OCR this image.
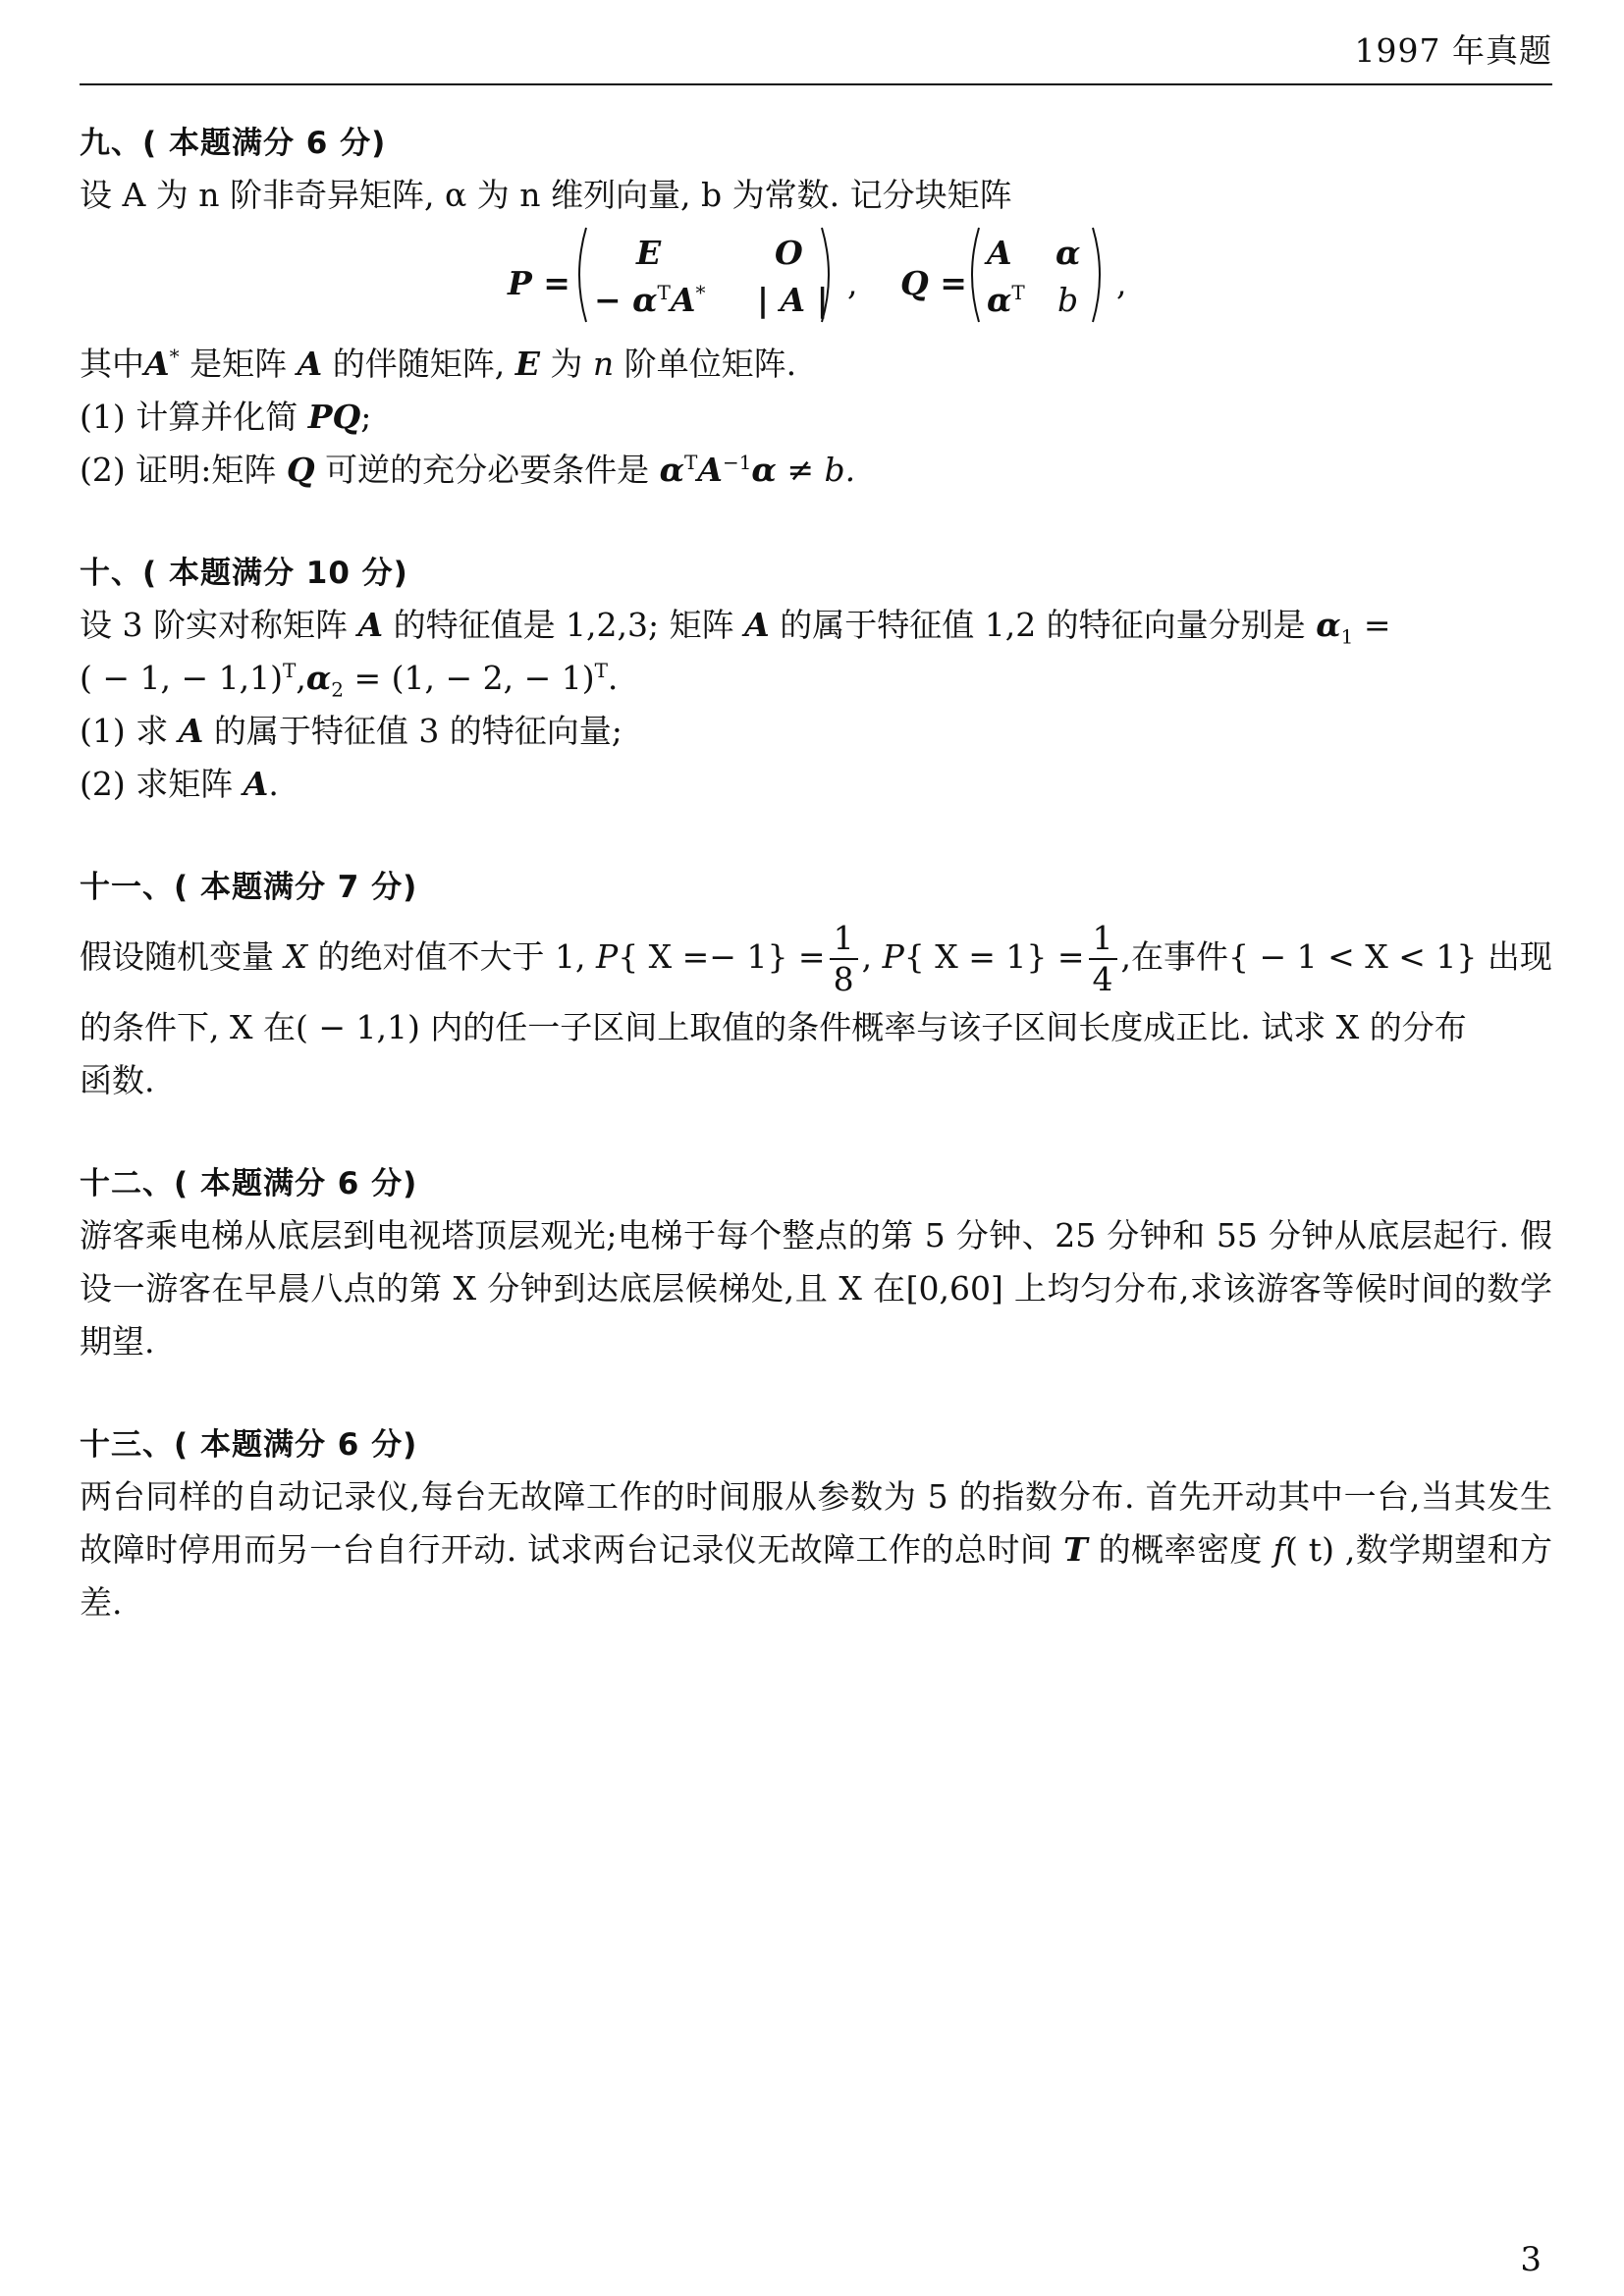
1997 年真题
九、( 本题满分 6 分)
设 A 为 n 阶非奇异矩阵, α 为 n 维列向量, b 为常数. 记分块矩阵
P =
E	O
− $\alpha^TA^*$ | A | , Q =
A α
$\alpha^T$ b ,
其中A* 是矩阵 A 的伴随矩阵, E 为 n 阶单位矩阵.
(1) 计算并化简 PQ;
(2) 证明:矩阵 Q 可逆的充分必要条件是 $\alpha^TA^{-1}\alpha \ne b$.
十、( 本题满分 10 分)
设 3 阶实对称矩阵 A 的特征值是 1,2,3; 矩阵 A 的属于特征值 1,2 的特征向量分别是 $\alpha_1$ =
( − 1, − $1,1)^T,\alpha_2 = (1$, − 2, − 1)$^T$.
(1) 求 A 的属于特征值 3 的特征向量;
(2) 求矩阵 A.
十一、( 本题满分 7 分)
假设随机变量 X 的绝对值不大于 1, P{ $X =- 1\} = \frac{1}{8}$ , P{ $X = 1\} = \frac{1}{4}$ ,在事件{ − 1 < X < 1} 出现
的条件下, X 在( − 1,1) 内的任一子区间上取值的条件概率与该子区间长度成正比. 试求 X 的分布
函数.
十二、( 本题满分 6 分)
游客乘电梯从底层到电视塔顶层观光;电梯于每个整点的第 5 分钟、25 分钟和 55 分钟从底层起行. 假设一游客在早晨八点的第 X 分钟到达底层候梯处,且 X 在[0,60] 上均匀分布,求该游客等候时间的数学期望.
十三、( 本题满分 6 分)
两台同样的自动记录仪,每台无故障工作的时间服从参数为 5 的指数分布. 首先开动其中一台,当其发生故障时停用而另一台自行开动. 试求两台记录仪无故障工作的总时间 T 的概率密度 f( t) ,数学期望和方差.
3
